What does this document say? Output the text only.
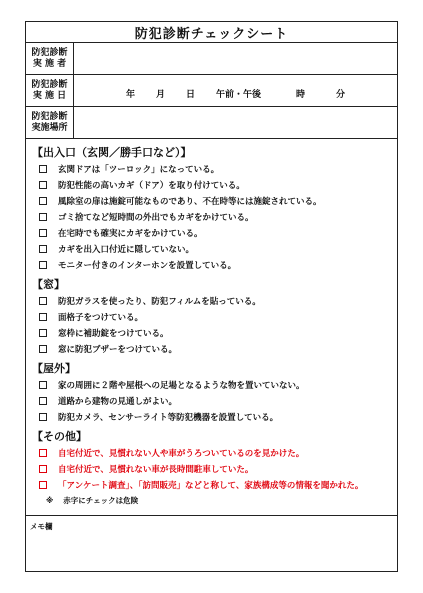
防犯診断チェックシート
防犯診断
実 施 者
防犯診断
実 施 日	年 月 日 午前・午後	時	分
防犯診断
実施場所
【出入口（玄関／勝手口など）】
玄関ドアは「ツーロック」になっている。
防犯性能の高いカギ（ドア）を取り付けている。
風除室の扉は施錠可能なものであり、不在時等には施錠されている。
ゴミ捨てなど短時間の外出でもカギをかけている。
在宅時でも確実にカギをかけている。
カギを出入口付近に隠していない。
モニター付きのインターホンを設置している。
【窓】
防犯ガラスを使ったり、防犯フィルムを貼っている。
面格子をつけている。
窓枠に補助錠をつけている。
窓に防犯ブザーをつけている。
【屋外】
家の周囲に２階や屋根への足場となるような物を置いていない。
道路から建物の見通しがよい。
防犯カメラ、センサーライト等防犯機器を設置している。
【その他】
自宅付近で、見慣れない人や車がうろついているのを見かけた。
自宅付近で、見慣れない車が長時間駐車していた。
「アンケート調査」、「訪問販売」などと称して、家族構成等の情報を聞かれた。
※ 赤字にチェックは危険
メモ欄
